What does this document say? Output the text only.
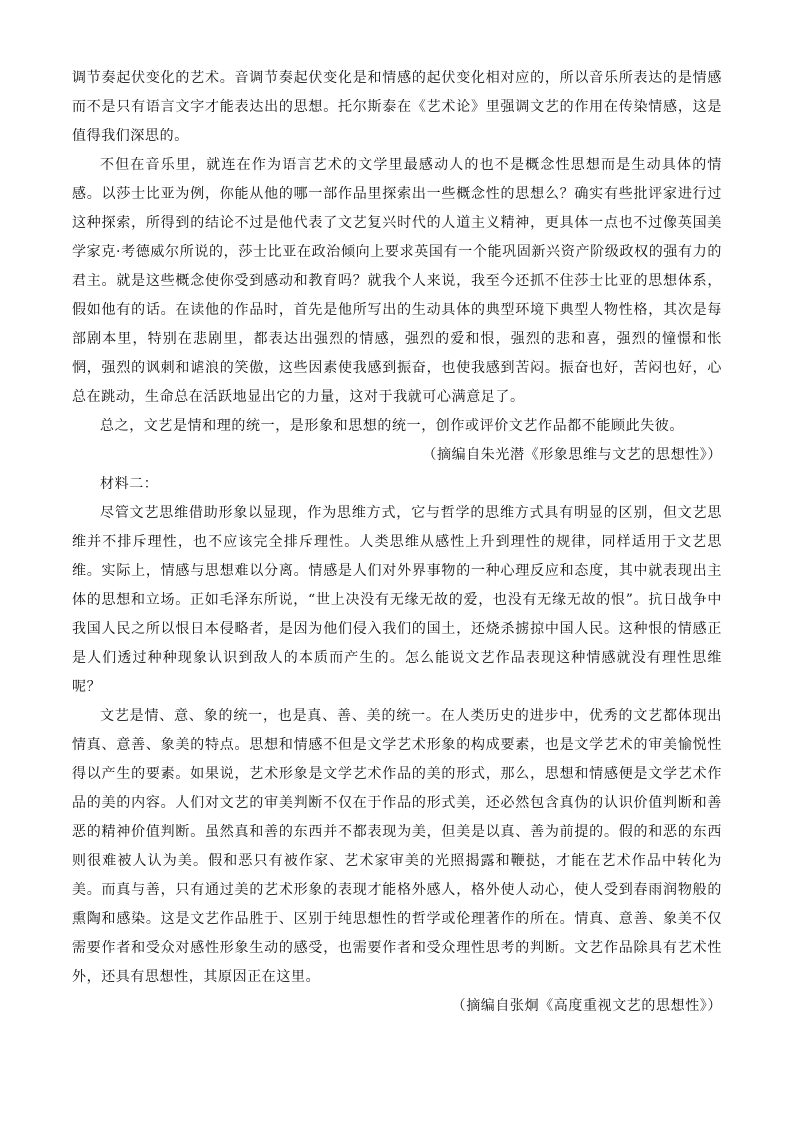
调节奏起伏变化的艺术。音调节奏起伏变化是和情感的起伏变化相对应的，所以音乐所表达的是情感而不是只有语言文字才能表达出的思想。托尔斯泰在《艺术论》里强调文艺的作用在传染情感，这是值得我们深思的。

不但在音乐里，就连在作为语言艺术的文学里最感动人的也不是概念性思想而是生动具体的情感。以莎士比亚为例，你能从他的哪一部作品里探索出一些概念性的思想么？确实有些批评家进行过这种探索，所得到的结论不过是他代表了文艺复兴时代的人道主义精神，更具体一点也不过像英国美学家克·考德威尔所说的，莎士比亚在政治倾向上要求英国有一个能巩固新兴资产阶级政权的强有力的君主。就是这些概念使你受到感动和教育吗？就我个人来说，我至今还抓不住莎士比亚的思想体系，假如他有的话。在读他的作品时，首先是他所写出的生动具体的典型环境下典型人物性格，其次是每部剧本里，特别在悲剧里，都表达出强烈的情感，强烈的爱和恨，强烈的悲和喜，强烈的憧憬和怅惘，强烈的讽刺和谑浪的笑傲，这些因素使我感到振奋，也使我感到苦闷。振奋也好，苦闷也好，心总在跳动，生命总在活跃地显出它的力量，这对于我就可心满意足了。

总之，文艺是情和理的统一，是形象和思想的统一，创作或评价文艺作品都不能顾此失彼。

（摘编自朱光潜《形象思维与文艺的思想性》）

材料二：

尽管文艺思维借助形象以显现，作为思维方式，它与哲学的思维方式具有明显的区别，但文艺思维并不排斥理性，也不应该完全排斥理性。人类思维从感性上升到理性的规律，同样适用于文艺思维。实际上，情感与思想难以分离。情感是人们对外界事物的一种心理反应和态度，其中就表现出主体的思想和立场。正如毛泽东所说，“世上决没有无缘无故的爱，也没有无缘无故的恨”。抗日战争中我国人民之所以恨日本侵略者，是因为他们侵入我们的国土，还烧杀掳掠中国人民。这种恨的情感正是人们透过种种现象认识到敌人的本质而产生的。怎么能说文艺作品表现这种情感就没有理性思维呢？

文艺是情、意、象的统一，也是真、善、美的统一。在人类历史的进步中，优秀的文艺都体现出情真、意善、象美的特点。思想和情感不但是文学艺术形象的构成要素，也是文学艺术的审美愉悦性得以产生的要素。如果说，艺术形象是文学艺术作品的美的形式，那么，思想和情感便是文学艺术作品的美的内容。人们对文艺的审美判断不仅在于作品的形式美，还必然包含真伪的认识价值判断和善恶的精神价值判断。虽然真和善的东西并不都表现为美，但美是以真、善为前提的。假的和恶的东西则很难被人认为美。假和恶只有被作家、艺术家审美的光照揭露和鞭挞，才能在艺术作品中转化为美。而真与善，只有通过美的艺术形象的表现才能格外感人，格外使人动心，使人受到春雨润物般的熏陶和感染。这是文艺作品胜于、区别于纯思想性的哲学或伦理著作的所在。情真、意善、象美不仅需要作者和受众对感性形象生动的感受，也需要作者和受众理性思考的判断。文艺作品除具有艺术性外，还具有思想性，其原因正在这里。

（摘编自张炯《高度重视文艺的思想性》）
